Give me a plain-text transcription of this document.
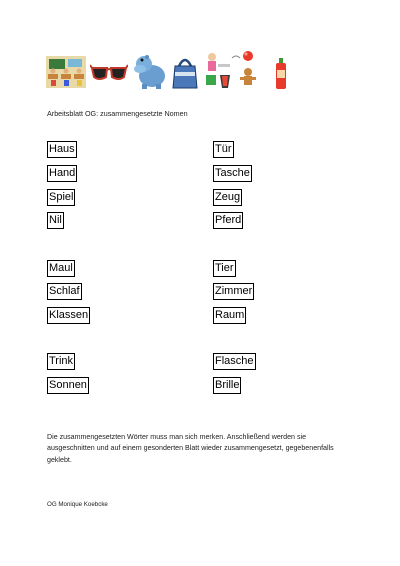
Arbeitsblatt OG: zusammengesetzte Nomen
Haus
Hand
Spiel
Nil
Maul
Schlaf
Klassen
Trink
Sonnen
Tür
Tasche
Zeug
Pferd
Tier
Zimmer
Raum
Flasche
Brille
Die zusammengesetzten Wörter muss man sich merken. Anschließend werden sie ausgeschnitten und auf einem gesonderten Blatt wieder zusammengesetzt, gegebenenfalls geklebt.
OG Monique Koebcke
